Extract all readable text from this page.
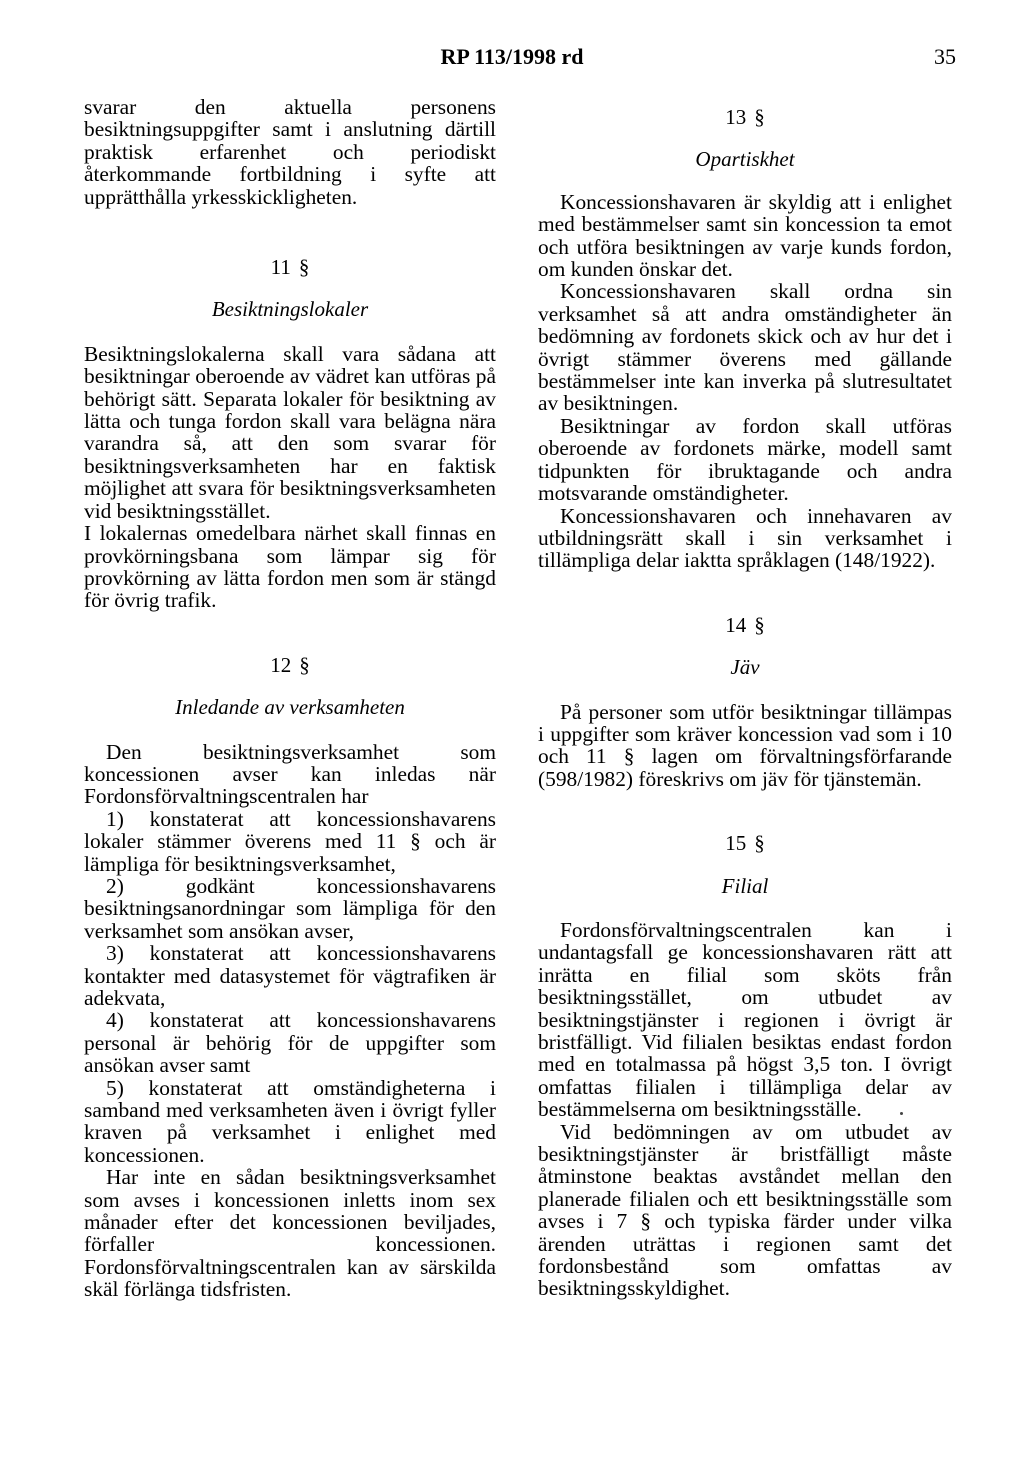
RP 113/1998 rd	35

svarar den aktuella personens besiktningsuppgifter samt i anslutning därtill praktisk erfarenhet och periodiskt återkommande fortbildning i syfte att upprätthålla yrkesskickligheten.

11 §
Besiktningslokaler

Besiktningslokalerna skall vara sådana att besiktningar oberoende av vädret kan utföras på behörigt sätt. Separata lokaler för besiktning av lätta och tunga fordon skall vara belägna nära varandra så, att den som svarar för besiktningsverksamheten har en faktisk möjlighet att svara för besiktningsverksamheten vid besiktningsstället.

I lokalernas omedelbara närhet skall finnas en provkörningsbana som lämpar sig för provkörning av lätta fordon men som är stängd för övrig trafik.

12 §
Inledande av verksamheten

Den besiktningsverksamhet som koncessionen avser kan inledas när Fordonsförvaltningscentralen har

1) konstaterat att koncessionshavarens lokaler stämmer överens med 11 § och är lämpliga för besiktningsverksamhet,

2) godkänt koncessionshavarens besiktningsanordningar som lämpliga för den verksamhet som ansökan avser,

3) konstaterat att koncessionshavarens kontakter med datasystemet för vägtrafiken är adekvata,

4) konstaterat att koncessionshavarens personal är behörig för de uppgifter som ansökan avser samt

5) konstaterat att omständigheterna i samband med verksamheten även i övrigt fyller kraven på verksamhet i enlighet med koncessionen.

Har inte en sådan besiktningsverksamhet som avses i koncessionen inletts inom sex månader efter det koncessionen beviljades, förfaller koncessionen. Fordonsförvaltningscentralen kan av särskilda skäl förlänga tidsfristen.

13 §
Opartiskhet

Koncessionshavaren är skyldig att i enlighet med bestämmelser samt sin koncession ta emot och utföra besiktningen av varje kunds fordon, om kunden önskar det.

Koncessionshavaren skall ordna sin verksamhet så att andra omständigheter än bedömning av fordonets skick och av hur det i övrigt stämmer överens med gällande bestämmelser inte kan inverka på slutresultatet av besiktningen.

Besiktningar av fordon skall utföras oberoende av fordonets märke, modell samt tidpunkten för ibruktagande och andra motsvarande omständigheter.

Koncessionshavaren och innehavaren av utbildningsrätt skall i sin verksamhet i tillämpliga delar iaktta språklagen (148/1922).

14 §
Jäv

På personer som utför besiktningar tillämpas i uppgifter som kräver koncession vad som i 10 och 11 § lagen om förvaltningsförfarande (598/1982) föreskrivs om jäv för tjänstemän.

15 §
Filial

Fordonsförvaltningscentralen kan i undantagsfall ge koncessionshavaren rätt att inrätta en filial som sköts från besiktningsstället, om utbudet av besiktningstjänster i regionen i övrigt är bristfälligt. Vid filialen besiktas endast fordon med en totalmassa på högst 3,5 ton. I övrigt omfattas filialen i tillämpliga delar av bestämmelserna om besiktningsställe.

Vid bedömningen av om utbudet av besiktningstjänster är bristfälligt måste åtminstone beaktas avståndet mellan den planerade filialen och ett besiktningsställe som avses i 7 § och typiska färder under vilka ärenden uträttas i regionen samt det fordonsbestånd som omfattas av besiktningsskyldighet.
